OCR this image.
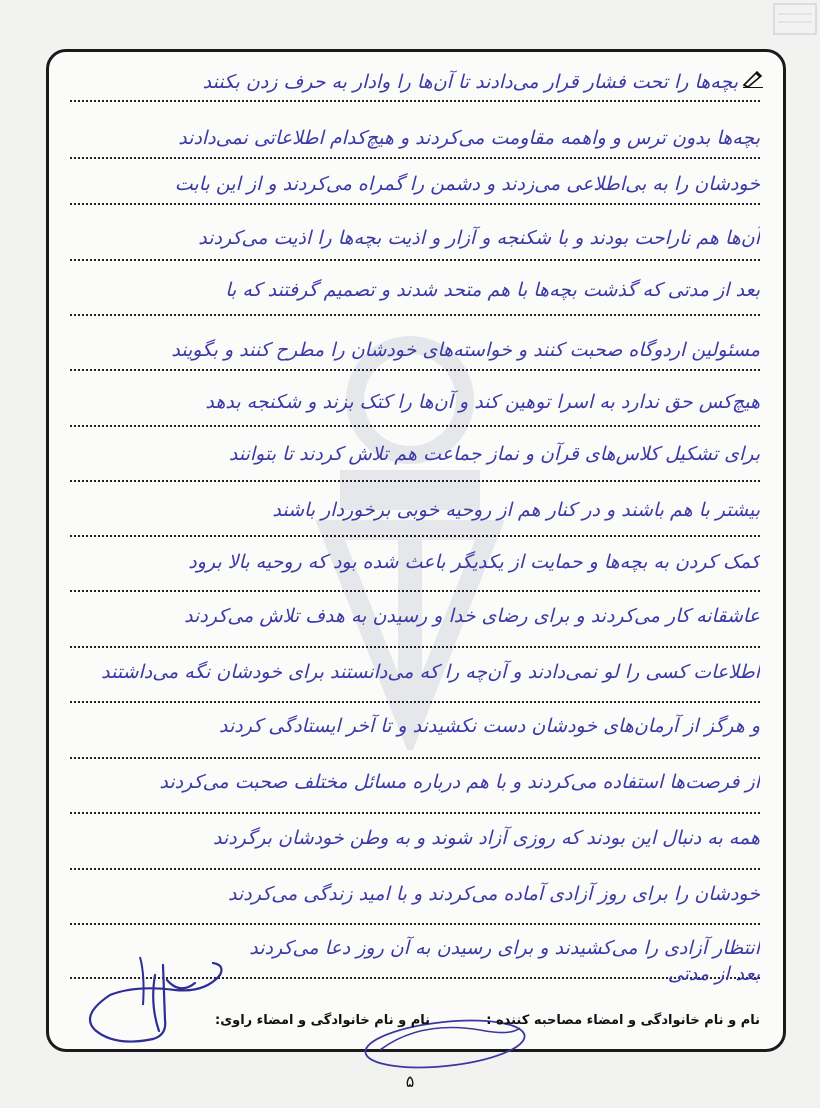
بچه‌ها را تحت فشار قرار می‌دادند تا آن‌ها را وادار به حرف زدن بکنند
بچه‌ها بدون ترس و واهمه مقاومت می‌کردند و هیچ‌کدام اطلاعاتی نمی‌دادند
خودشان را به بی‌اطلاعی می‌زدند و دشمن را گمراه می‌کردند و از این بابت
آن‌ها هم ناراحت بودند و با شکنجه و آزار و اذیت بچه‌ها را اذیت می‌کردند
بعد از مدتی که گذشت بچه‌ها با هم متحد شدند و تصمیم گرفتند که با
مسئولین اردوگاه صحبت کنند و خواسته‌های خودشان را مطرح کنند و بگویند
هیچ‌کس حق ندارد به اسرا توهین کند و آن‌ها را کتک بزند و شکنجه بدهد
برای تشکیل کلاس‌های قرآن و نماز جماعت هم تلاش کردند تا بتوانند
بیشتر با هم باشند و در کنار هم از روحیه خوبی برخوردار باشند
کمک کردن به بچه‌ها و حمایت از یکدیگر باعث شده بود که روحیه بالا برود
عاشقانه کار می‌کردند و برای رضای خدا و رسیدن به هدف تلاش می‌کردند
اطلاعات کسی را لو نمی‌دادند و آن‌چه را که می‌دانستند برای خودشان نگه می‌داشتند
و هرگز از آرمان‌های خودشان دست نکشیدند و تا آخر ایستادگی کردند
از فرصت‌ها استفاده می‌کردند و با هم درباره مسائل مختلف صحبت می‌کردند
همه به دنبال این بودند که روزی آزاد شوند و به وطن خودشان برگردند
خودشان را برای روز آزادی آماده می‌کردند و با امید زندگی می‌کردند
انتظار آزادی را می‌کشیدند و برای رسیدن به آن روز دعا می‌کردند
بعد از مدتی
نام و نام خانوادگی و امضاء مصاحبه کننده :
نام و نام خانوادگی و امضاء راوی:
۵
